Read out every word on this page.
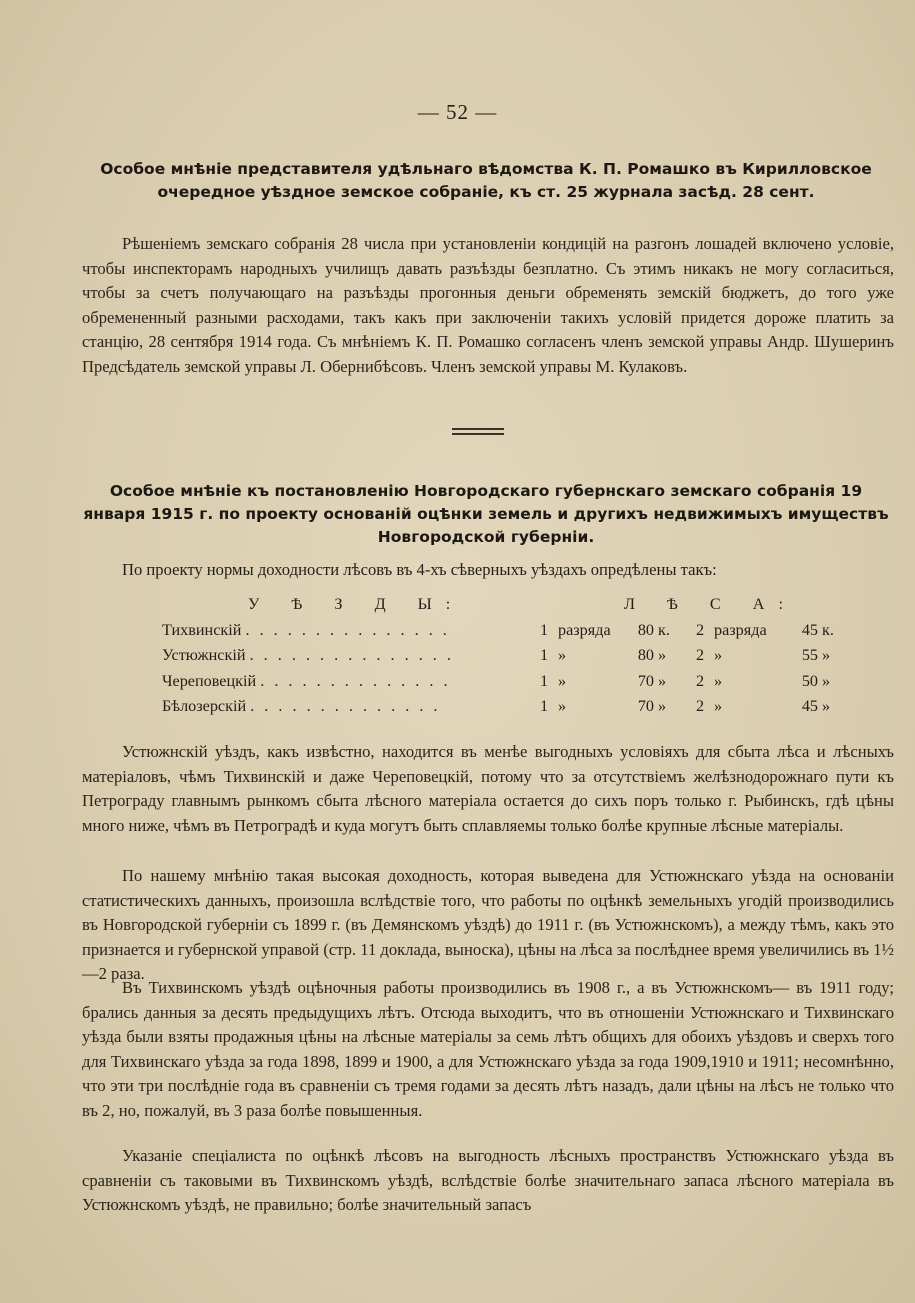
— 52 —
Особое мнѣніе представителя удѣльнаго вѣдомства К. П. Ромашко въ Кирилловское очередное уѣздное земское собраніе, къ ст. 25 журнала засѣд. 28 сент.
Рѣшеніемъ земскаго собранія 28 числа при установленіи кондицій на разгонъ лошадей включено условіе, чтобы инспекторамъ народныхъ училищъ давать разъѣзды безплатно. Съ этимъ никакъ не могу согласиться, чтобы за счетъ получающаго на разъѣзды прогонныя деньги обременять земскій бюджетъ, до того уже обремененный разными расходами, такъ какъ при заключеніи такихъ условій придется дороже платить за станцію, 28 сентября 1914 года. Съ мнѣніемъ К. П. Ромашко согласенъ членъ земской управы Андр. Шушеринъ Предсѣдатель земской управы Л. Обернибѣсовъ. Членъ земской управы М. Кулаковъ.
Особое мнѣніе къ постановленію Новгородскаго губернскаго земскаго собранія 19 января 1915 г. по проекту основаній оцѣнки земель и другихъ недвижимыхъ имуществъ Новгородской губерніи.
По проекту нормы доходности лѣсовъ въ 4-хъ сѣверныхъ уѣздахъ опредѣлены такъ:
У Ѣ З Д Ы:	Л Ѣ С А:
Тихвинскій . . . . . . . . . . . . . . .	1 разряда	80 к.	2 разряда	45 к.
Устюжнскій . . . . . . . . . . . . . . .	1 »	80 »	2 »	55 »
Череповецкій . . . . . . . . . . . . . .	1 »	70 »	2 »	50 »
Бѣлозерскій . . . . . . . . . . . . . .	1 »	70 »	2 »	45 »
Устюжнскій уѣздъ, какъ извѣстно, находится въ менѣе выгодныхъ условіяхъ для сбыта лѣса и лѣсныхъ матеріаловъ, чѣмъ Тихвинскій и даже Череповецкій, потому что за отсутствіемъ желѣзнодорожнаго пути къ Петрограду главнымъ рынкомъ сбыта лѣсного матеріала остается до сихъ поръ только г. Рыбинскъ, гдѣ цѣны много ниже, чѣмъ въ Петроградѣ и куда могутъ быть сплавляемы только болѣе крупные лѣсные матеріалы.
По нашему мнѣнію такая высокая доходность, которая выведена для Устюжнскаго уѣзда на основаніи статистическихъ данныхъ, произошла вслѣдствіе того, что работы по оцѣнкѣ земельныхъ угодій производились въ Новгородской губерніи съ 1899 г. (въ Демянскомъ уѣздѣ) до 1911 г. (въ Устюжнскомъ), а между тѣмъ, какъ это признается и губернской управой (стр. 11 доклада, выноска), цѣны на лѣса за послѣднее время увеличились въ 1½—2 раза.
Въ Тихвинскомъ уѣздѣ оцѣночныя работы производились въ 1908 г., а въ Устюжнскомъ— въ 1911 году; брались данныя за десять предыдущихъ лѣтъ. Отсюда выходитъ, что въ отношеніи Устюжнскаго и Тихвинскаго уѣзда были взяты продажныя цѣны на лѣсные матеріалы за семь лѣтъ общихъ для обоихъ уѣздовъ и сверхъ того для Тихвинскаго уѣзда за года 1898, 1899 и 1900, а для Устюжнскаго уѣзда за года 1909,1910 и 1911; несомнѣнно, что эти три послѣдніе года въ сравненіи съ тремя годами за десять лѣтъ назадъ, дали цѣны на лѣсъ не только что въ 2, но, пожалуй, въ 3 раза болѣе повышенныя.
Указаніе спеціалиста по оцѣнкѣ лѣсовъ на выгодность лѣсныхъ пространствъ Устюжнскаго уѣзда въ сравненіи съ таковыми въ Тихвинскомъ уѣздѣ, вслѣдствіе болѣе значительнаго запаса лѣсного матеріала въ Устюжнскомъ уѣздѣ, не правильно; болѣе значительный запасъ
